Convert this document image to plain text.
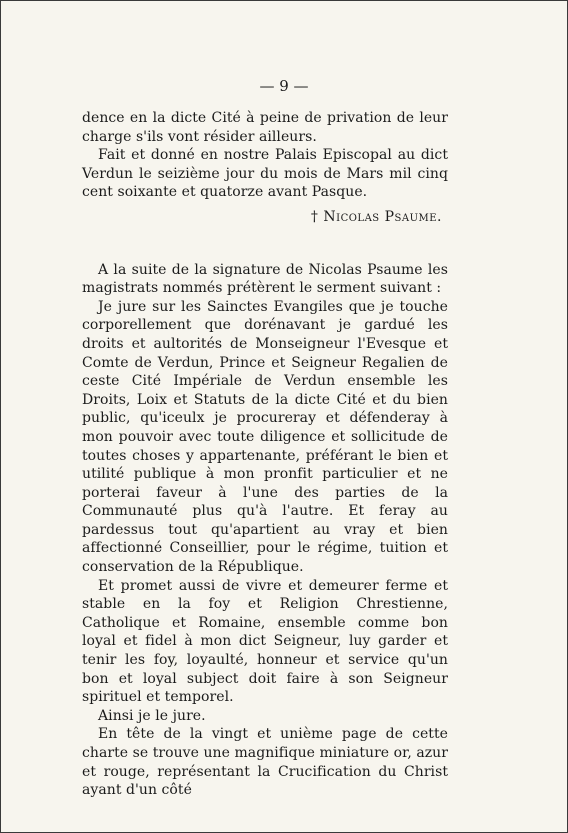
— 9 —

dence en la dicte Cité à peine de privation de leur charge s'ils vont résider ailleurs.

Fait et donné en nostre Palais Episcopal au dict Verdun le seizième jour du mois de Mars mil cinq cent soixante et quatorze avant Pasque.

† Nicolas Psaume.

A la suite de la signature de Nicolas Psaume les magistrats nommés prétèrent le serment suivant :

Je jure sur les Sainctes Evangiles que je touche corporellement que dorénavant je gardué les droits et aultorités de Monseigneur l'Evesque et Comte de Verdun, Prince et Seigneur Regalien de ceste Cité Impériale de Verdun ensemble les Droits, Loix et Statuts de la dicte Cité et du bien public, qu'iceulx je procureray et défenderay à mon pouvoir avec toute diligence et sollicitude de toutes choses y appartenante, préférant le bien et utilité publique à mon pronfit particulier et ne porterai faveur à l'une des parties de la Communauté plus qu'à l'autre. Et feray au pardessus tout qu'apartient au vray et bien affectionné Conseillier, pour le régime, tuition et conservation de la République.

Et promet aussi de vivre et demeurer ferme et stable en la foy et Religion Chrestienne, Catholique et Romaine, ensemble comme bon loyal et fidel à mon dict Seigneur, luy garder et tenir les foy, loyaulté, honneur et service qu'un bon et loyal subject doit faire à son Seigneur spirituel et temporel.

Ainsi je le jure.

En tête de la vingt et unième page de cette charte se trouve une magnifique miniature or, azur et rouge, représentant la Crucification du Christ ayant d'un côté
